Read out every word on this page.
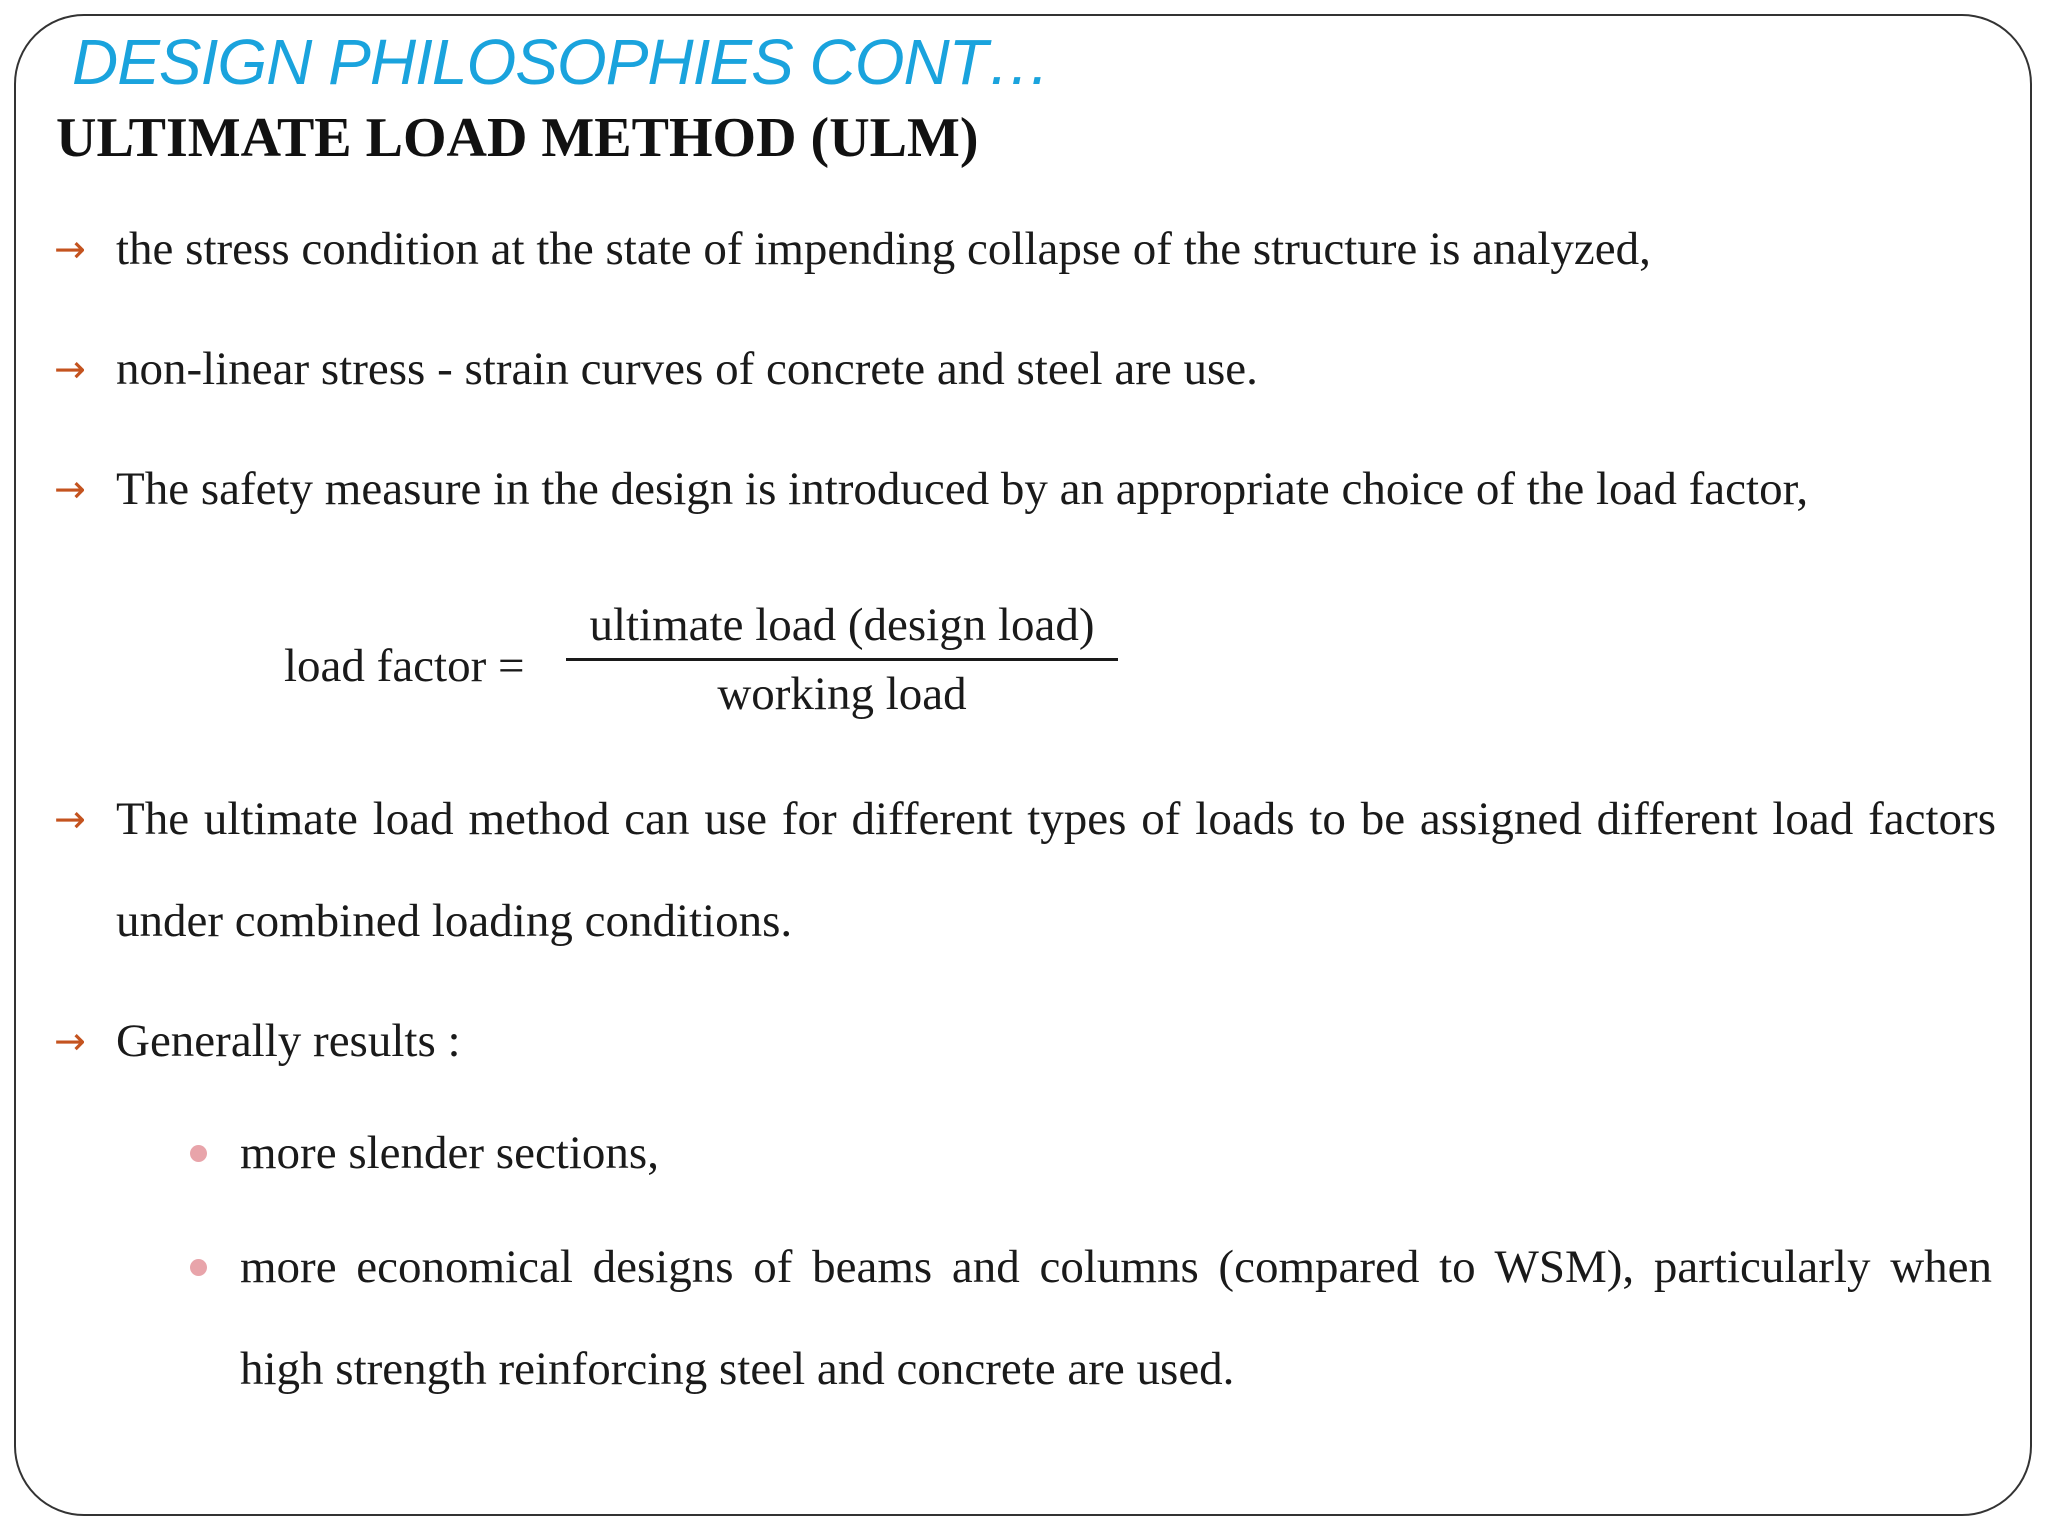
DESIGN PHILOSOPHIES CONT…
ULTIMATE LOAD METHOD (ULM)
→ the stress condition at the state of impending collapse of the structure is analyzed,
→ non-linear stress - strain curves of concrete and steel are use.
→ The safety measure in the design is introduced by an appropriate choice of the load factor,
load factor =
ultimate load (design load)
working load
→ The ultimate load method can use for different types of loads to be assigned different load factors under combined loading conditions.
→ Generally results :
more slender sections,
more economical designs of beams and columns (compared to WSM), particularly when high strength reinforcing steel and concrete are used.
